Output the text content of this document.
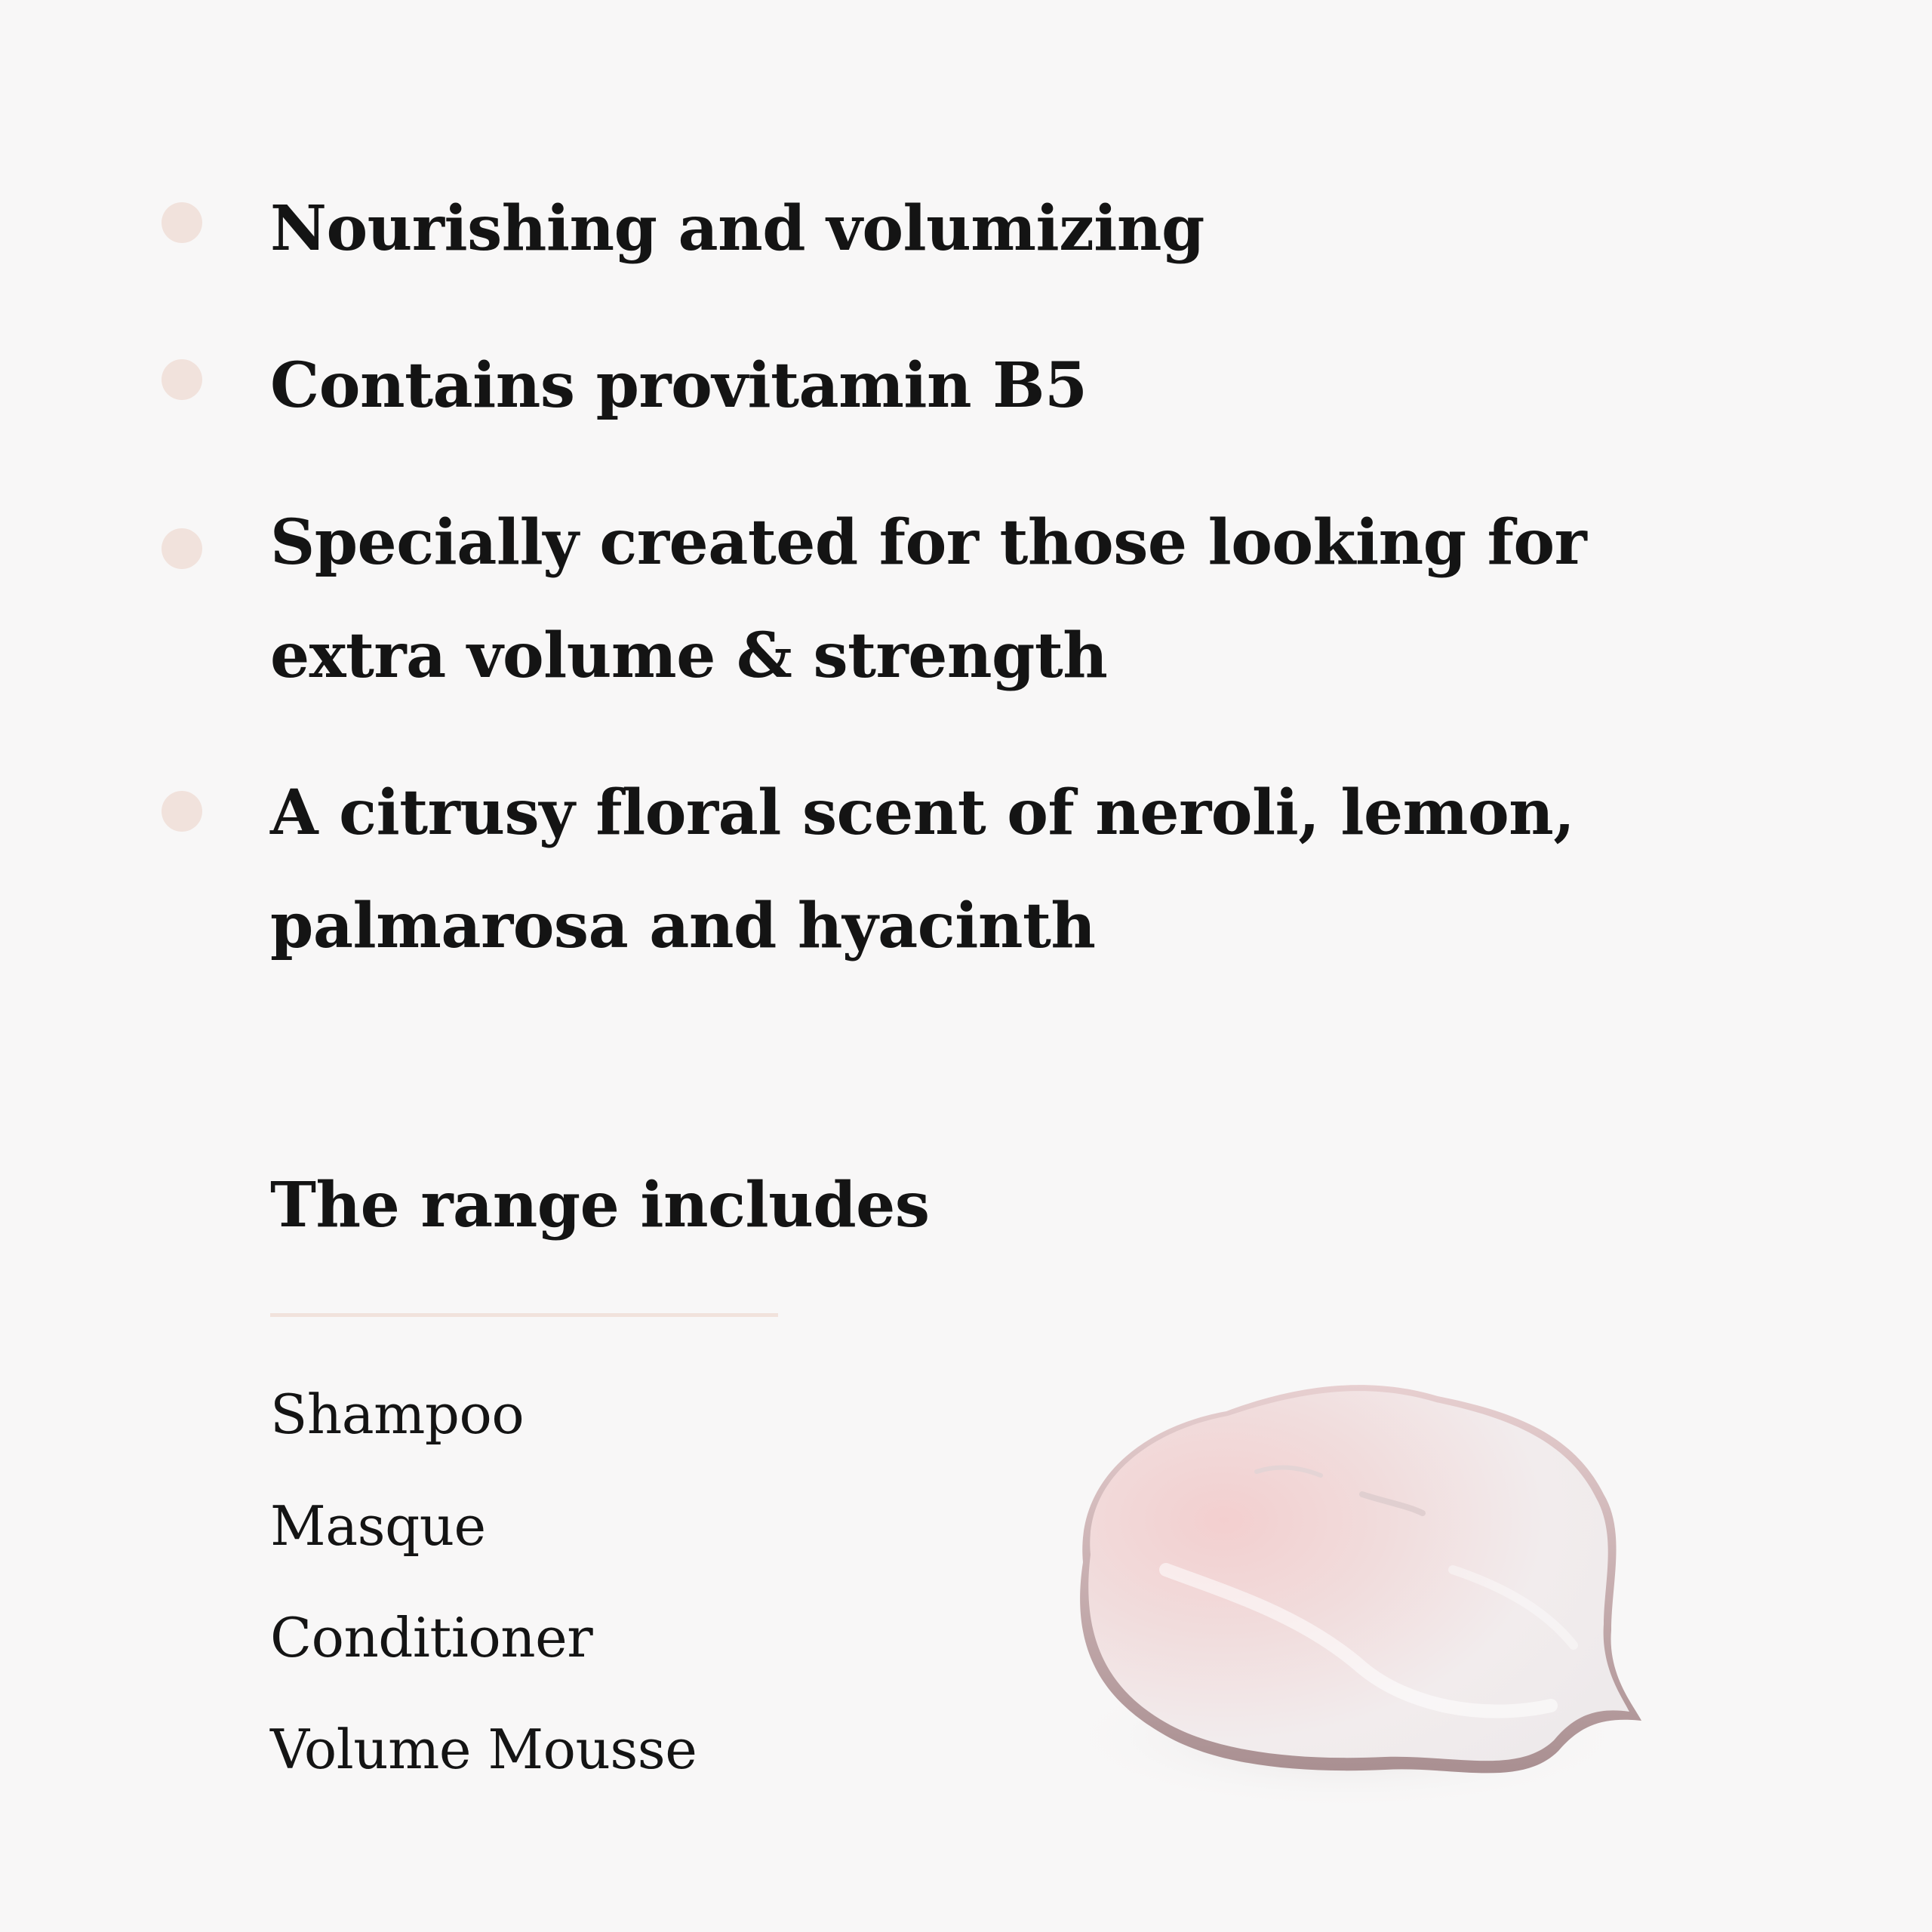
Nourishing and volumizing

Contains provitamin B5

Specially created for those looking for extra volume & strength

A citrusy floral scent of neroli, lemon, palmarosa and hyacinth

The range includes
Shampoo
Masque
Conditioner
Volume Mousse
